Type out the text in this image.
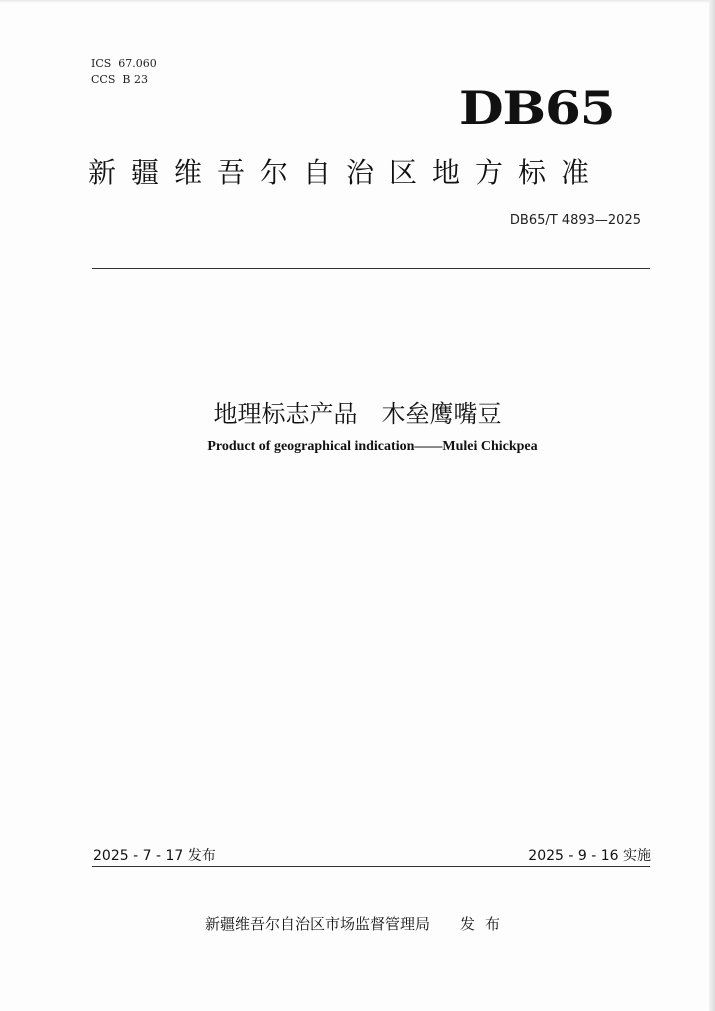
ICS  67.060
CCS  B 23
DB65
新疆维吾尔自治区地方标准
DB65/T 4893—2025
地理标志产品　木垒鹰嘴豆
Product of geographical indication——Mulei Chickpea
2025 - 7 - 17 发布	2025 - 9 - 16 实施
新疆维吾尔自治区市场监督管理局 发布
